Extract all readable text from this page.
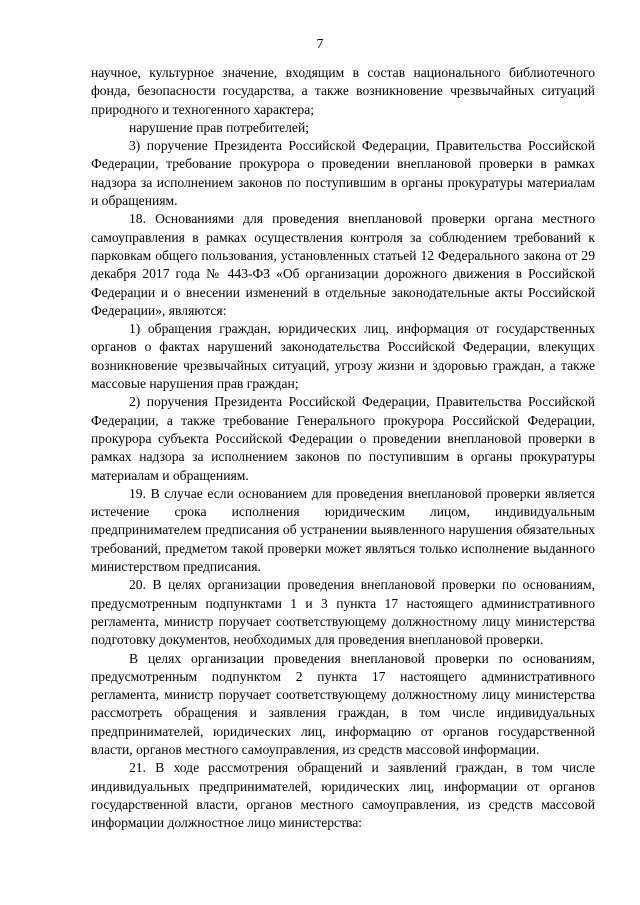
7

научное, культурное значение, входящим в состав национального библиотечного фонда, безопасности государства, а также возникновение чрезвычайных ситуаций природного и техногенного характера;

нарушение прав потребителей;

3) поручение Президента Российской Федерации, Правительства Российской Федерации, требование прокурора о проведении внеплановой проверки в рамках надзора за исполнением законов по поступившим в органы прокуратуры материалам и обращениям.

18. Основаниями для проведения внеплановой проверки органа местного самоуправления в рамках осуществления контроля за соблюдением требований к парковкам общего пользования, установленных статьей 12 Федерального закона от 29 декабря 2017 года № 443-ФЗ «Об организации дорожного движения в Российской Федерации и о внесении изменений в отдельные законодательные акты Российской Федерации», являются:

1) обращения граждан, юридических лиц, информация от государственных органов о фактах нарушений законодательства Российской Федерации, влекущих возникновение чрезвычайных ситуаций, угрозу жизни и здоровью граждан, а также массовые нарушения прав граждан;

2) поручения Президента Российской Федерации, Правительства Российской Федерации, а также требование Генерального прокурора Российской Федерации, прокурора субъекта Российской Федерации о проведении внеплановой проверки в рамках надзора за исполнением законов по поступившим в органы прокуратуры материалам и обращениям.

19. В случае если основанием для проведения внеплановой проверки является истечение срока исполнения юридическим лицом, индивидуальным предпринимателем предписания об устранении выявленного нарушения обязательных требований, предметом такой проверки может являться только исполнение выданного министерством предписания.

20. В целях организации проведения внеплановой проверки по основаниям, предусмотренным подпунктами 1 и 3 пункта 17 настоящего административного регламента, министр поручает соответствующему должностному лицу министерства подготовку документов, необходимых для проведения внеплановой проверки.

В целях организации проведения внеплановой проверки по основаниям, предусмотренным подпунктом 2 пункта 17 настоящего административного регламента, министр поручает соответствующему должностному лицу министерства рассмотреть обращения и заявления граждан, в том числе индивидуальных предпринимателей, юридических лиц, информацию от органов государственной власти, органов местного самоуправления, из средств массовой информации.

21. В ходе рассмотрения обращений и заявлений граждан, в том числе индивидуальных предпринимателей, юридических лиц, информации от органов государственной власти, органов местного самоуправления, из средств массовой информации должностное лицо министерства:
